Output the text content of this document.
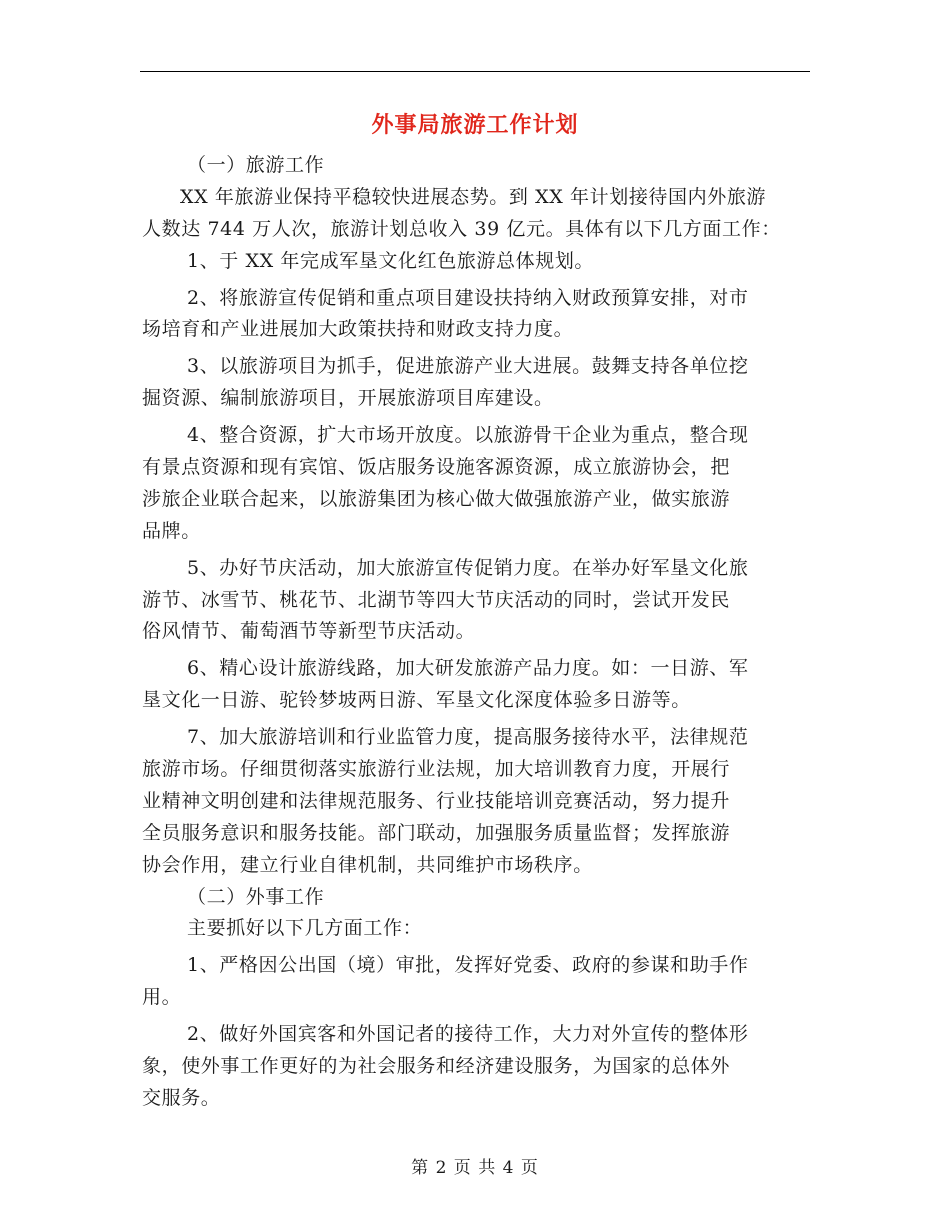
外事局旅游工作计划
（一）旅游工作
XX 年旅游业保持平稳较快进展态势。到 XX 年计划接待国内外旅游
人数达 744 万人次，旅游计划总收入 39 亿元。具体有以下几方面工作：
1、于 XX 年完成军垦文化红色旅游总体规划。
2、将旅游宣传促销和重点项目建设扶持纳入财政预算安排，对市
场培育和产业进展加大政策扶持和财政支持力度。
3、以旅游项目为抓手，促进旅游产业大进展。鼓舞支持各单位挖
掘资源、编制旅游项目，开展旅游项目库建设。
4、整合资源，扩大市场开放度。以旅游骨干企业为重点，整合现
有景点资源和现有宾馆、饭店服务设施客源资源，成立旅游协会，把
涉旅企业联合起来，以旅游集团为核心做大做强旅游产业，做实旅游
品牌。
5、办好节庆活动，加大旅游宣传促销力度。在举办好军垦文化旅
游节、冰雪节、桃花节、北湖节等四大节庆活动的同时，尝试开发民
俗风情节、葡萄酒节等新型节庆活动。
6、精心设计旅游线路，加大研发旅游产品力度。如：一日游、军
垦文化一日游、驼铃梦坡两日游、军垦文化深度体验多日游等。
7、加大旅游培训和行业监管力度，提高服务接待水平，法律规范
旅游市场。仔细贯彻落实旅游行业法规，加大培训教育力度，开展行
业精神文明创建和法律规范服务、行业技能培训竞赛活动，努力提升
全员服务意识和服务技能。部门联动，加强服务质量监督；发挥旅游
协会作用，建立行业自律机制，共同维护市场秩序。
（二）外事工作
主要抓好以下几方面工作：
1、严格因公出国（境）审批，发挥好党委、政府的参谋和助手作
用。
2、做好外国宾客和外国记者的接待工作，大力对外宣传的整体形
象，使外事工作更好的为社会服务和经济建设服务，为国家的总体外
交服务。
第 2 页 共 4 页
